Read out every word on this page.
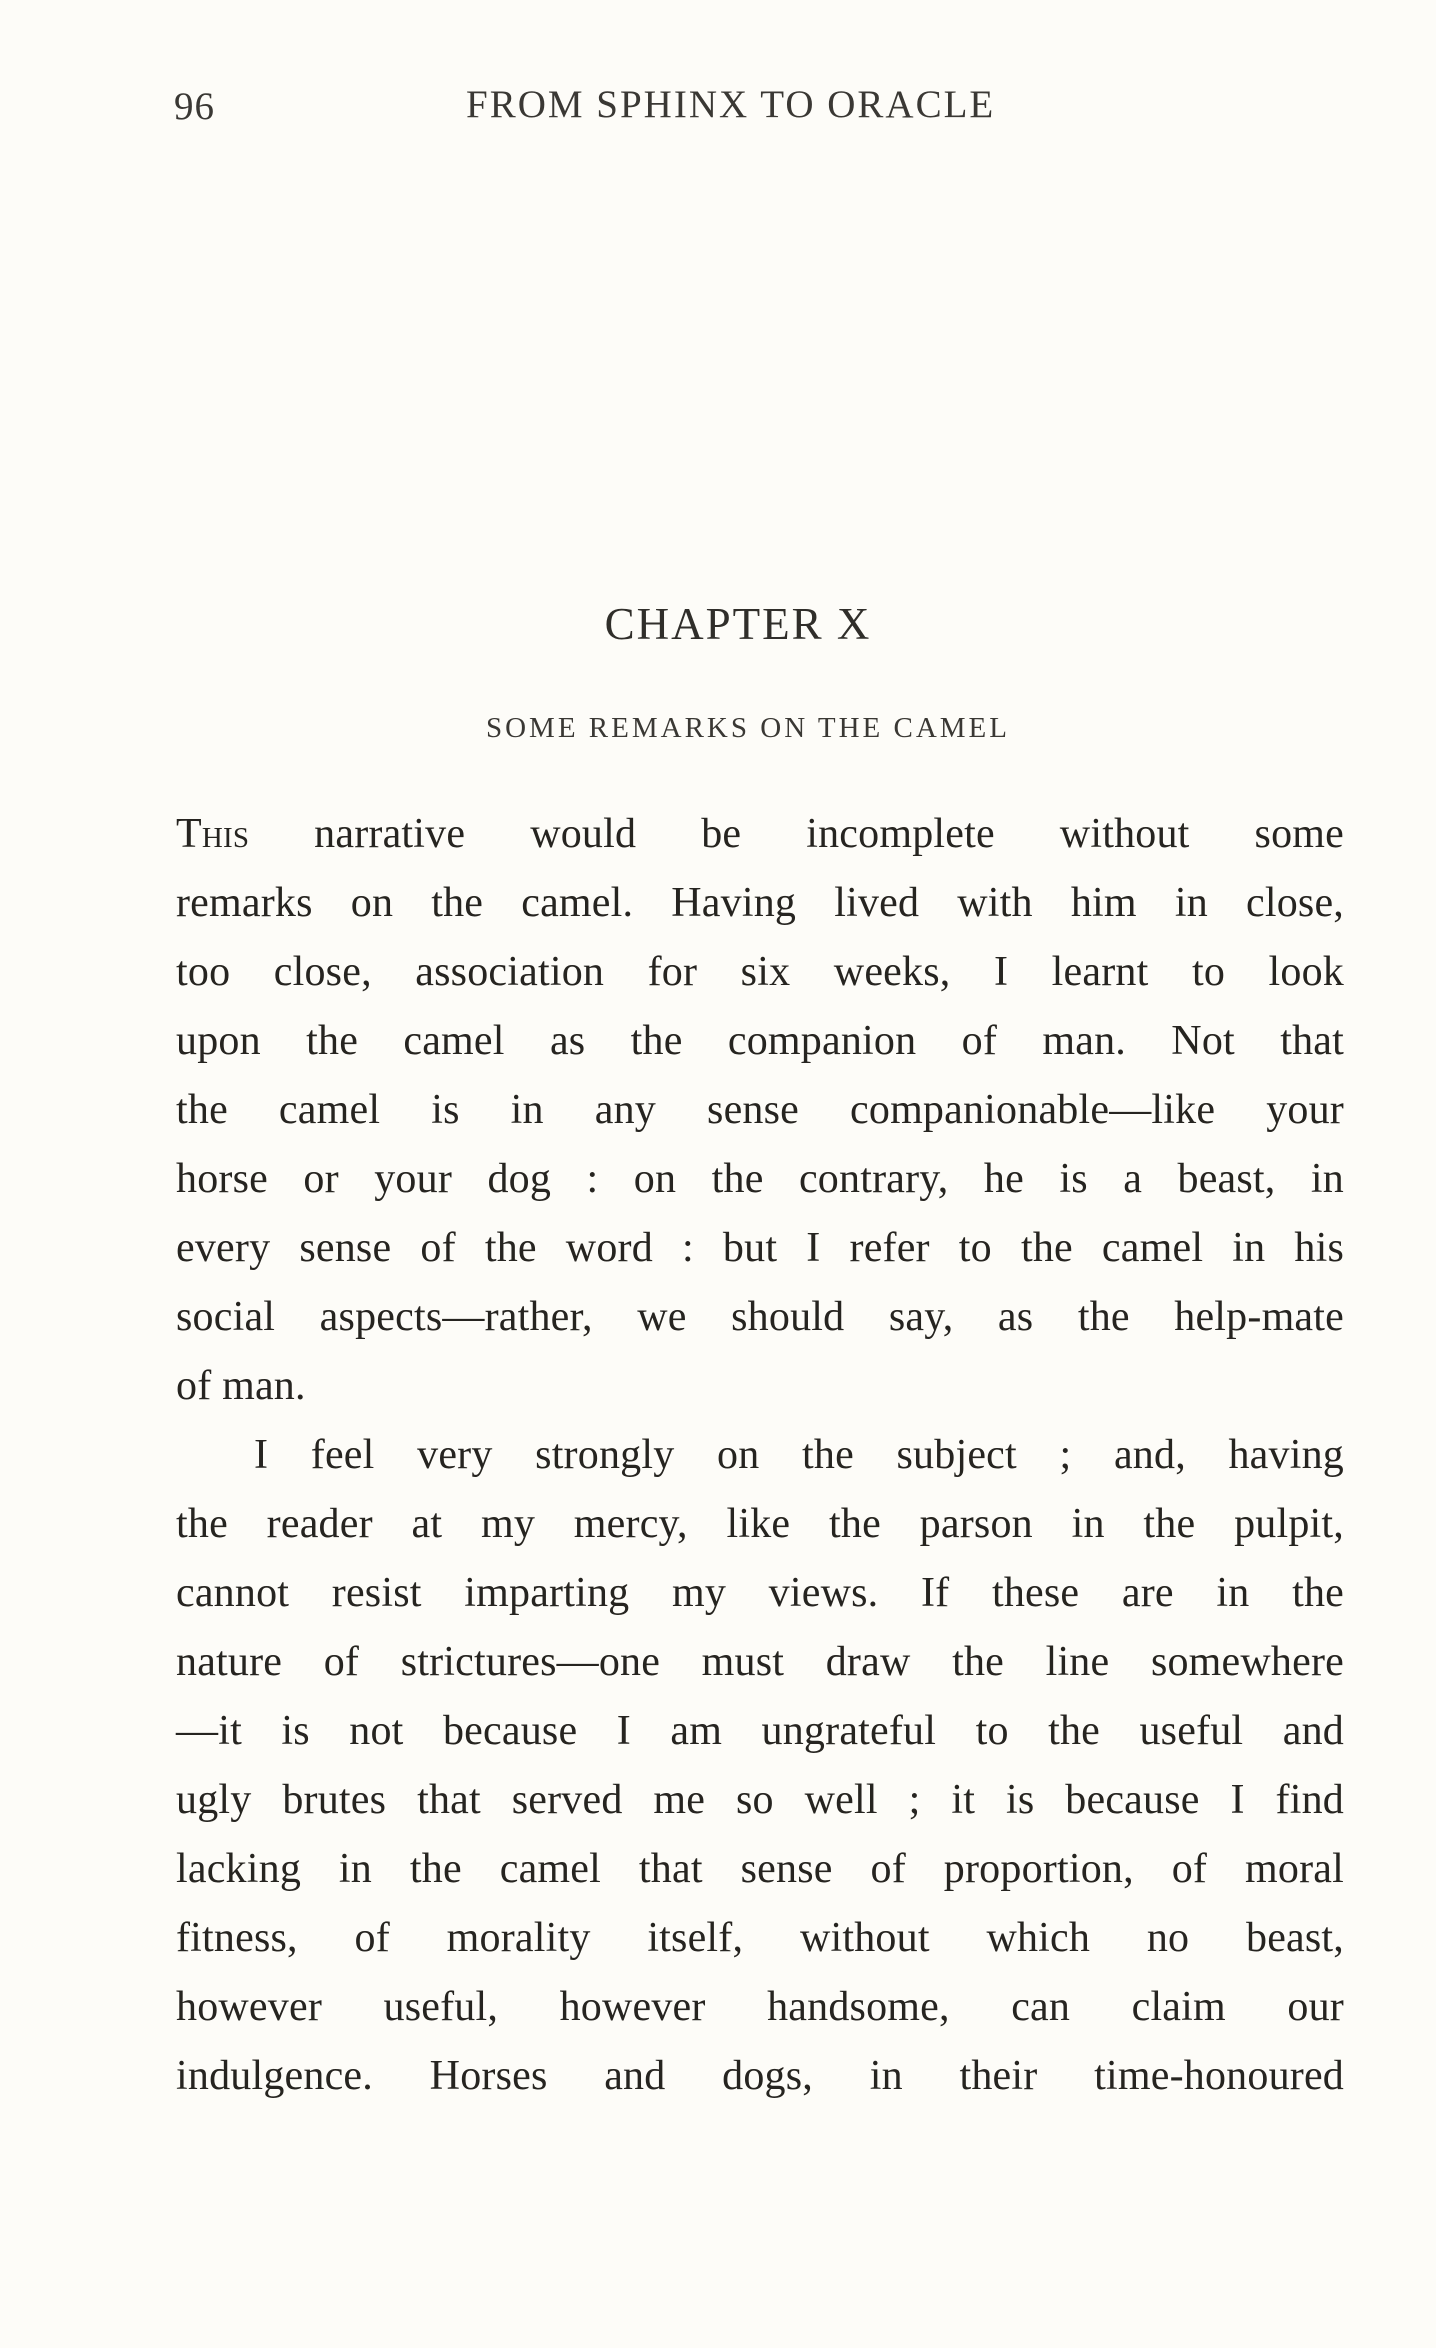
96	FROM SPHINX TO ORACLE
CHAPTER X
SOME REMARKS ON THE CAMEL
This narrative would be incomplete without some
remarks on the camel. Having lived with him in close,
too close, association for six weeks, I learnt to look
upon the camel as the companion of man. Not that
the camel is in any sense companionable—like your
horse or your dog : on the contrary, he is a beast, in
every sense of the word : but I refer to the camel in his
social aspects—rather, we should say, as the help-mate
of man.
I feel very strongly on the subject ; and, having
the reader at my mercy, like the parson in the pulpit,
cannot resist imparting my views. If these are in the
nature of strictures—one must draw the line somewhere
—it is not because I am ungrateful to the useful and
ugly brutes that served me so well ; it is because I find
lacking in the camel that sense of proportion, of moral
fitness, of morality itself, without which no beast,
however useful, however handsome, can claim our
indulgence. Horses and dogs, in their time-honoured
